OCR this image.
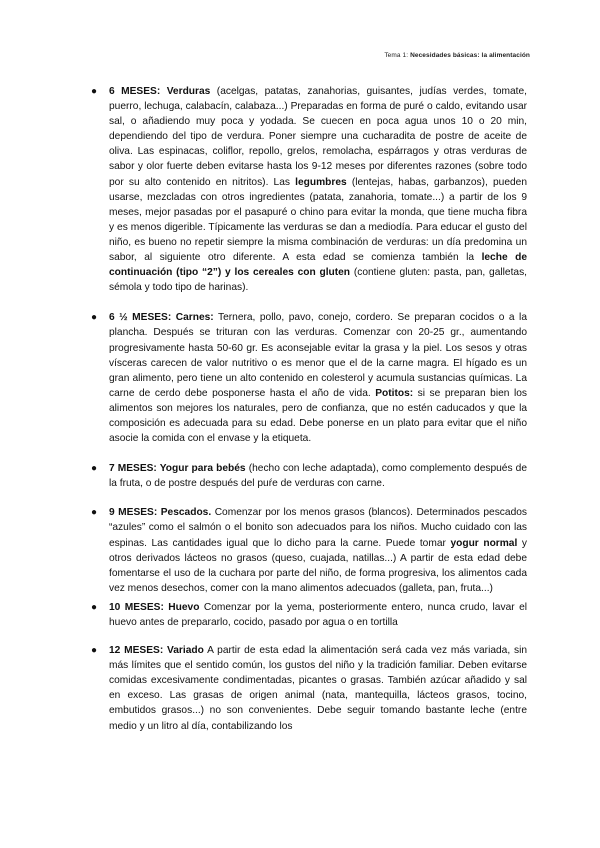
Tema 1: Necesidades básicas: la alimentación
● 6 MESES: Verduras (acelgas, patatas, zanahorias, guisantes, judías verdes, tomate, puerro, lechuga, calabacín, calabaza...) Preparadas en forma de puré o caldo, evitando usar sal, o añadiendo muy poca y yodada. Se cuecen en poca agua unos 10 o 20 min, dependiendo del tipo de verdura. Poner siempre una cucharadita de postre de aceite de oliva. Las espinacas, coliflor, repollo, grelos, remolacha, espárragos y otras verduras de sabor y olor fuerte deben evitarse hasta los 9-12 meses por diferentes razones (sobre todo por su alto contenido en nitritos). Las legumbres (lentejas, habas, garbanzos), pueden usarse, mezcladas con otros ingredientes (patata, zanahoria, tomate...) a partir de los 9 meses, mejor pasadas por el pasapuré o chino para evitar la monda, que tiene mucha fibra y es menos digerible. Típicamente las verduras se dan a mediodía. Para educar el gusto del niño, es bueno no repetir siempre la misma combinación de verduras: un día predomina un sabor, al siguiente otro diferente. A esta edad se comienza también la leche de continuación (tipo “2”) y los cereales con gluten (contiene gluten: pasta, pan, galletas, sémola y todo tipo de harinas).
● 6 ½ MESES: Carnes: Ternera, pollo, pavo, conejo, cordero. Se preparan cocidos o a la plancha. Después se trituran con las verduras. Comenzar con 20-25 gr., aumentando progresivamente hasta 50-60 gr. Es aconsejable evitar la grasa y la piel. Los sesos y otras vísceras carecen de valor nutritivo o es menor que el de la carne magra. El hígado es un gran alimento, pero tiene un alto contenido en colesterol y acumula sustancias químicas. La carne de cerdo debe posponerse hasta el año de vida. Potitos: si se preparan bien los alimentos son mejores los naturales, pero de confianza, que no estén caducados y que la composición es adecuada para su edad. Debe ponerse en un plato para evitar que el niño asocie la comida con el envase y la etiqueta.
● 7 MESES: Yogur para bebés (hecho con leche adaptada), como complemento después de la fruta, o de postre después del puŕe de verduras con carne.
● 9 MESES: Pescados. Comenzar por los menos grasos (blancos). Determinados pescados “azules” como el salmón o el bonito son adecuados para los niños. Mucho cuidado con las espinas. Las cantidades igual que lo dicho para la carne. Puede tomar yogur normal y otros derivados lácteos no grasos (queso, cuajada, natillas...) A partir de esta edad debe fomentarse el uso de la cuchara por parte del niño, de forma progresiva, los alimentos cada vez menos desechos, comer con la mano alimentos adecuados (galleta, pan, fruta...)
● 10 MESES: Huevo Comenzar por la yema, posteriormente entero, nunca crudo, lavar el huevo antes de prepararlo, cocido, pasado por agua o en tortilla
● 12 MESES: Variado A partir de esta edad la alimentación será cada vez más variada, sin más límites que el sentido común, los gustos del niño y la tradición familiar. Deben evitarse comidas excesivamente condimentadas, picantes o grasas. También azúcar añadido y sal en exceso. Las grasas de origen animal (nata, mantequilla, lácteos grasos, tocino, embutidos grasos...) no son convenientes. Debe seguir tomando bastante leche (entre medio y un litro al día, contabilizando los
